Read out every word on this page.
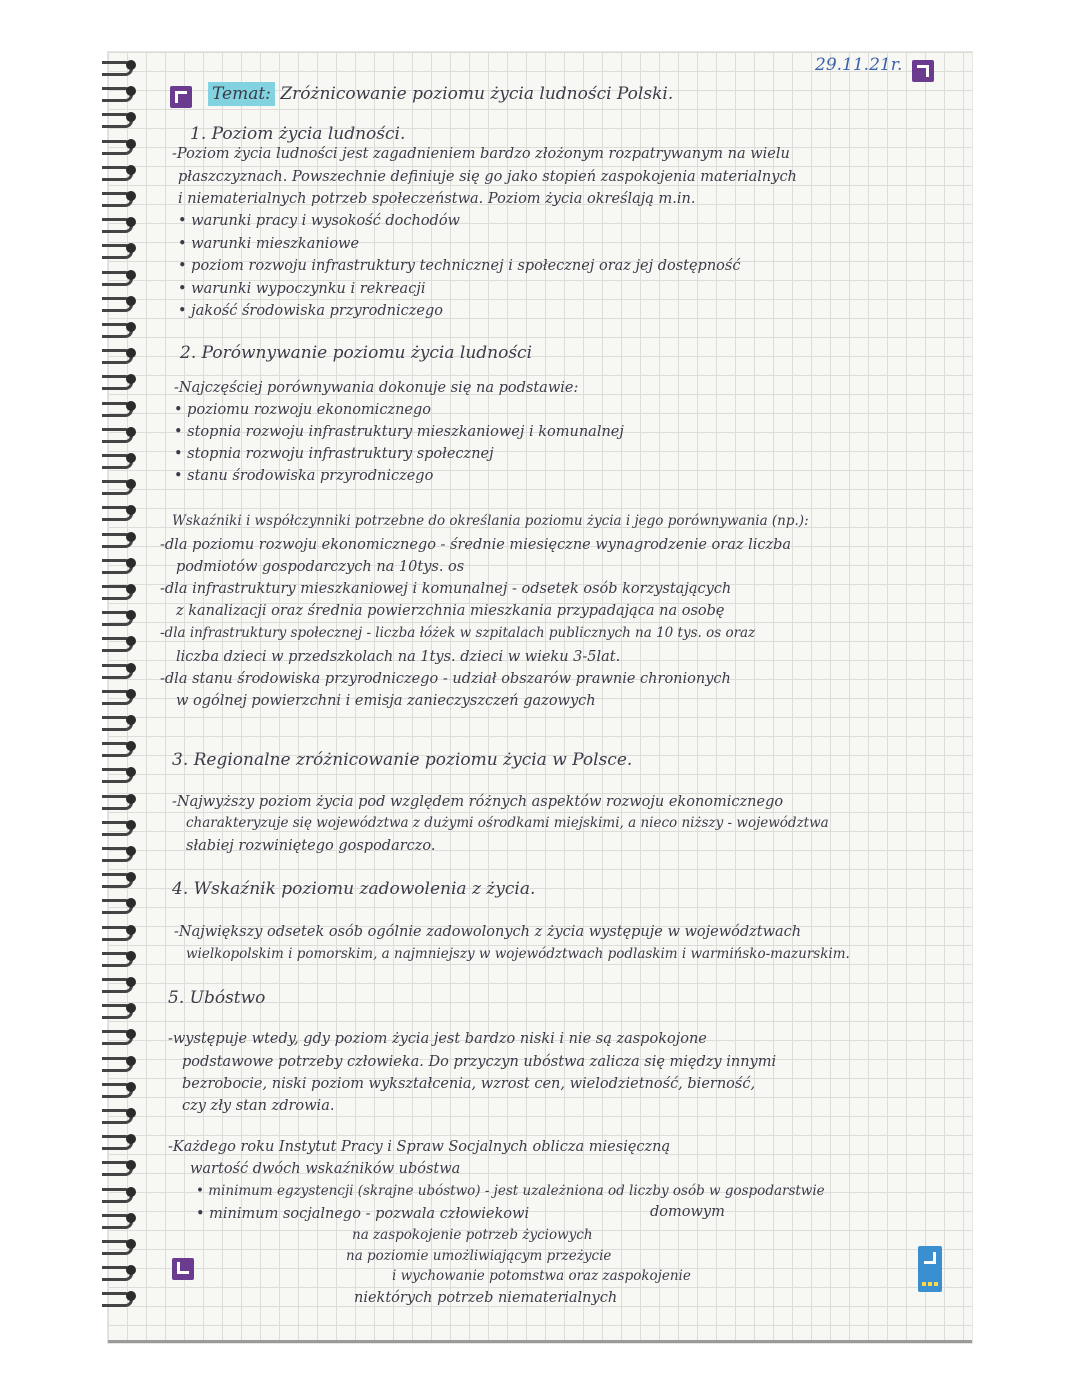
29.11.21r.
Temat: Zróżnicowanie poziomu życia ludności Polski.
1. Poziom życia ludności.
-Poziom życia ludności jest zagadnieniem bardzo złożonym rozpatrywanym na wielu
płaszczyznach. Powszechnie definiuje się go jako stopień zaspokojenia materialnych
i niematerialnych potrzeb społeczeństwa. Poziom życia określają m.in.
• warunki pracy i wysokość dochodów
• warunki mieszkaniowe
• poziom rozwoju infrastruktury technicznej i społecznej oraz jej dostępność
• warunki wypoczynku i rekreacji
• jakość środowiska przyrodniczego
2. Porównywanie poziomu życia ludności
-Najczęściej porównywania dokonuje się na podstawie:
• poziomu rozwoju ekonomicznego
• stopnia rozwoju infrastruktury mieszkaniowej i komunalnej
• stopnia rozwoju infrastruktury społecznej
• stanu środowiska przyrodniczego
Wskaźniki i współczynniki potrzebne do określania poziomu życia i jego porównywania (np.):
-dla poziomu rozwoju ekonomicznego - średnie miesięczne wynagrodzenie oraz liczba
podmiotów gospodarczych na 10tys. os
-dla infrastruktury mieszkaniowej i komunalnej - odsetek osób korzystających
z kanalizacji oraz średnia powierzchnia mieszkania przypadająca na osobę
-dla infrastruktury społecznej - liczba łóżek w szpitalach publicznych na 10 tys. os oraz
liczba dzieci w przedszkolach na 1tys. dzieci w wieku 3-5lat.
-dla stanu środowiska przyrodniczego - udział obszarów prawnie chronionych
w ogólnej powierzchni i emisja zanieczyszczeń gazowych
3. Regionalne zróżnicowanie poziomu życia w Polsce.
-Najwyższy poziom życia pod względem różnych aspektów rozwoju ekonomicznego
charakteryzuje się województwa z dużymi ośrodkami miejskimi, a nieco niższy - województwa
słabiej rozwiniętego gospodarczo.
4. Wskaźnik poziomu zadowolenia z życia.
-Największy odsetek osób ogólnie zadowolonych z życia występuje w województwach
wielkopolskim i pomorskim, a najmniejszy w województwach podlaskim i warmińsko-mazurskim.
5. Ubóstwo
-występuje wtedy, gdy poziom życia jest bardzo niski i nie są zaspokojone
podstawowe potrzeby człowieka. Do przyczyn ubóstwa zalicza się między innymi
bezrobocie, niski poziom wykształcenia, wzrost cen, wielodzietność, bierność,
czy zły stan zdrowia.
-Każdego roku Instytut Pracy i Spraw Socjalnych oblicza miesięczną
wartość dwóch wskaźników ubóstwa
• minimum egzystencji (skrajne ubóstwo) - jest uzależniona od liczby osób w gospodarstwie
domowym
• minimum socjalnego - pozwala człowiekowi
na zaspokojenie potrzeb życiowych
na poziomie umożliwiającym przeżycie
i wychowanie potomstwa oraz zaspokojenie
niektórych potrzeb niematerialnych
